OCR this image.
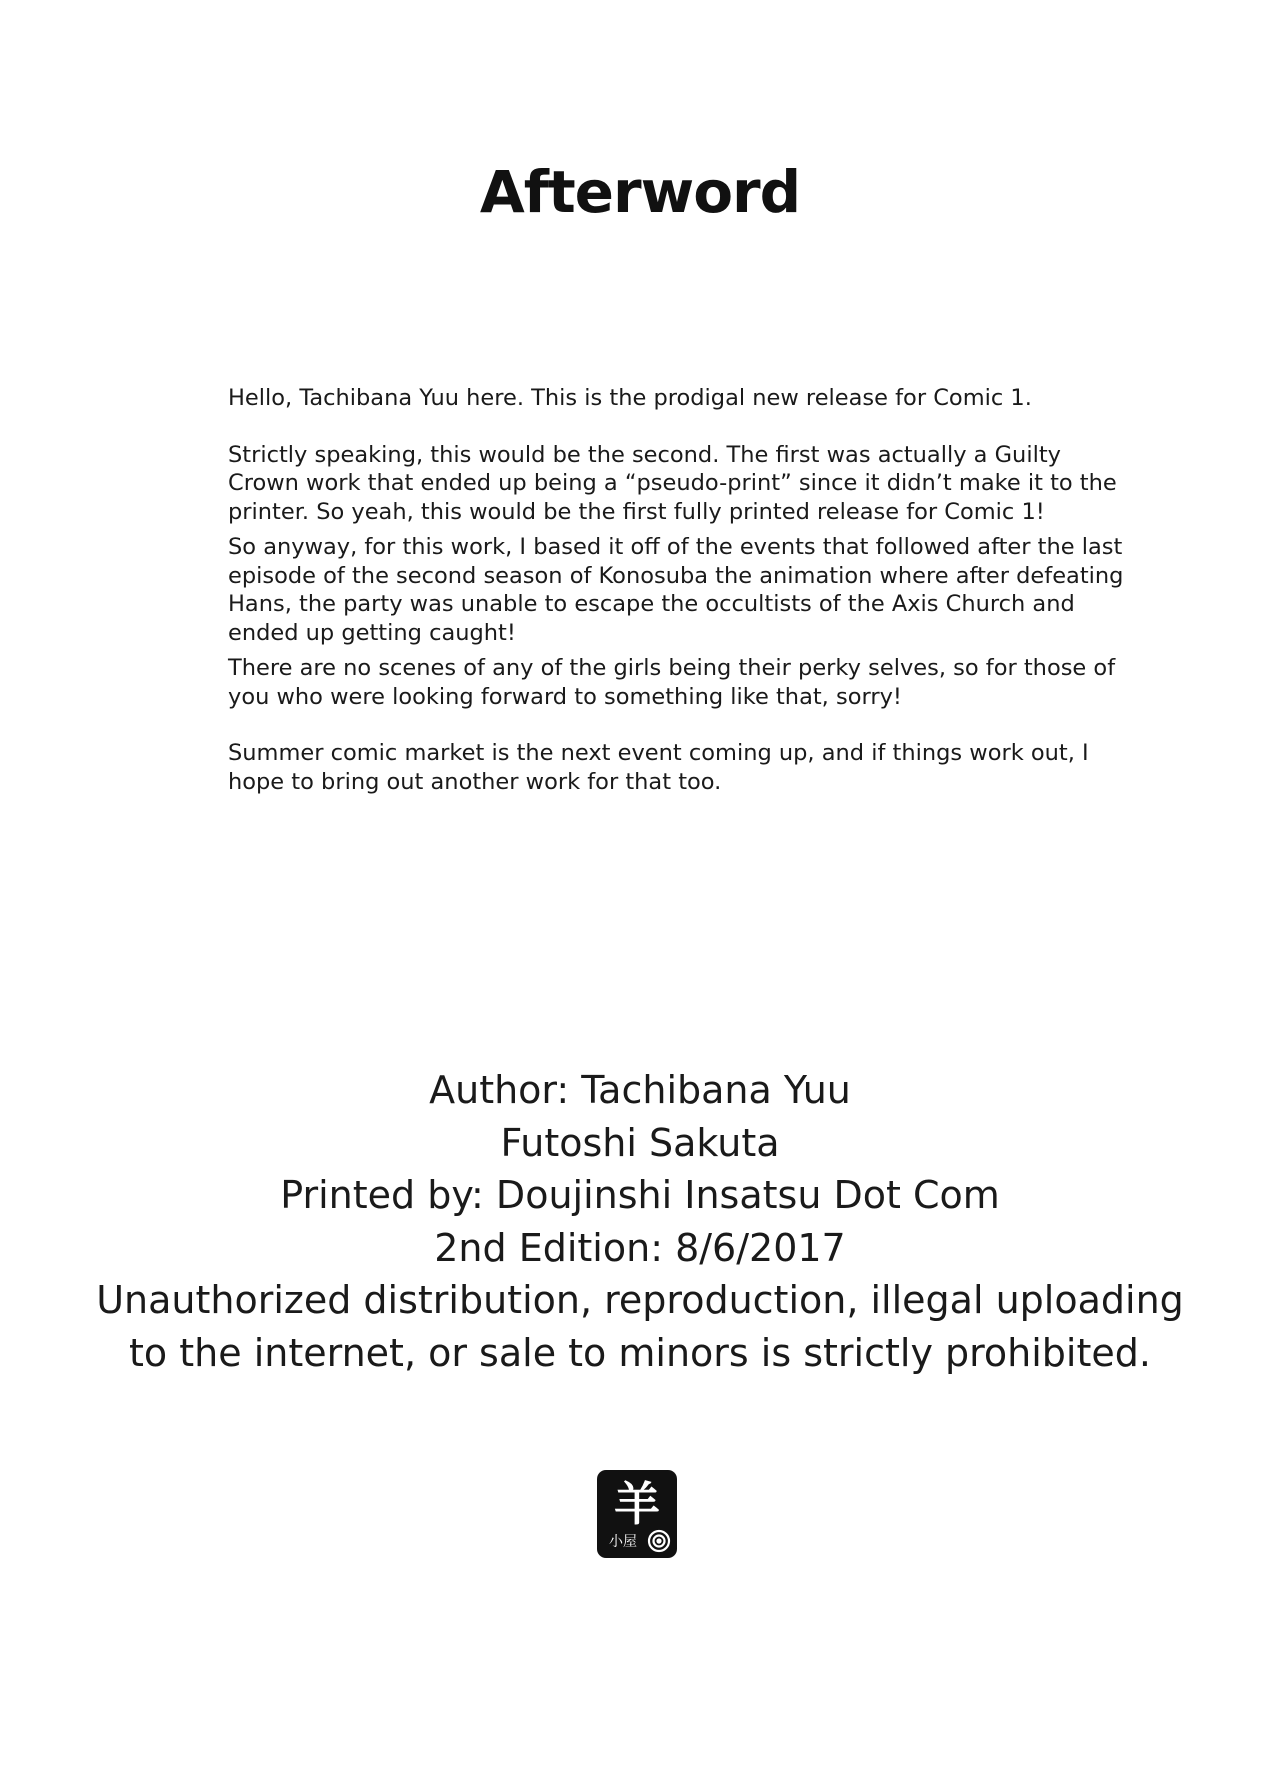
Afterword

Hello, Tachibana Yuu here. This is the prodigal new release for Comic 1.

Strictly speaking, this would be the second. The first was actually a Guilty Crown work that ended up being a “pseudo-print” since it didn’t make it to the printer. So yeah, this would be the first fully printed release for Comic 1!

So anyway, for this work, I based it off of the events that followed after the last episode of the second season of Konosuba the animation where after defeating Hans, the party was unable to escape the occultists of the Axis Church and ended up getting caught!

There are no scenes of any of the girls being their perky selves, so for those of you who were looking forward to something like that, sorry!

Summer comic market is the next event coming up, and if things work out, I hope to bring out another work for that too.

Author: Tachibana Yuu
Futoshi Sakuta
Printed by: Doujinshi Insatsu Dot Com
2nd Edition: 8/6/2017
Unauthorized distribution, reproduction, illegal uploading
to the internet, or sale to minors is strictly prohibited.
羊
小屋
